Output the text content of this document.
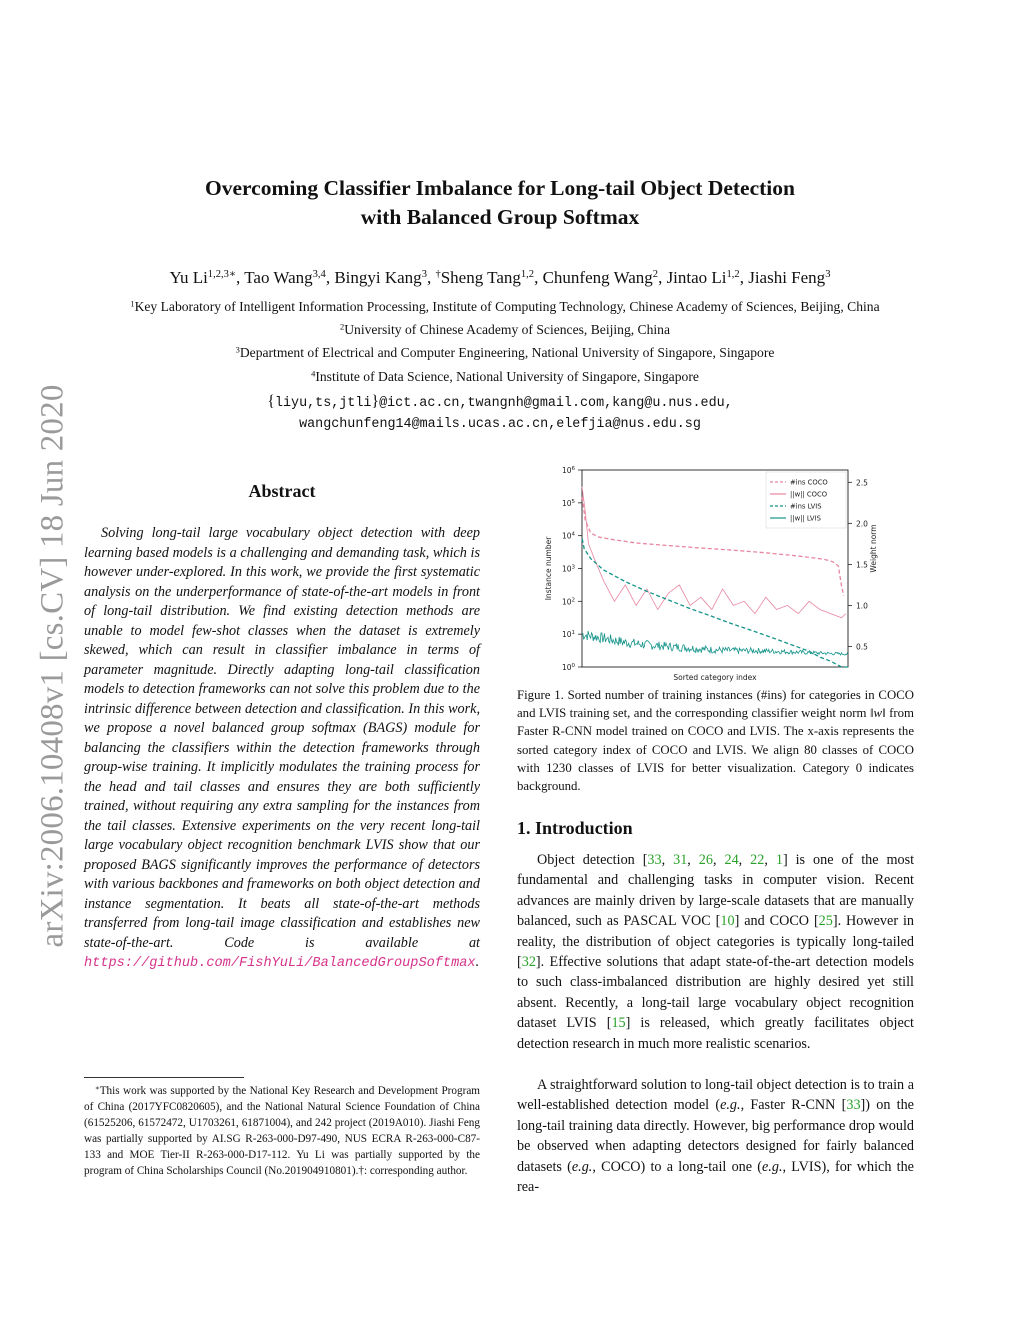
arXiv:2006.10408v1 [cs.CV] 18 Jun 2020
Overcoming Classifier Imbalance for Long-tail Object Detection
with Balanced Group Softmax
Yu $Li^{1,2,3∗}$, Tao Wang$^{3,4}$, Bingyi Kang$^3$, †Sheng Tang$^{1,2}$, Chunfeng Wang$^2$, Jintao Li$^{1,2}$, Jiashi Feng$^3$
$^1$Key Laboratory of Intelligent Information Processing, Institute of Computing Technology, Chinese Academy of Sciences, Beijing, China
$^2$University of Chinese Academy of Sciences, Beijing, China
$^3$Department of Electrical and Computer Engineering, National University of Singapore, Singapore
$^4$Institute of Data Science, National University of Singapore, Singapore
{liyu,ts,jtli}@ict.ac.cn,twangnh@gmail.com,kang@u.nus.edu,
wangchunfeng14@mails.ucas.ac.cn,elefjia@nus.edu.sg
Abstract
Solving long-tail large vocabulary object detection with deep learning based models is a challenging and demanding task, which is however under-explored. In this work, we provide the first systematic analysis on the underperformance of state-of-the-art models in front of long-tail distribution. We find existing detection methods are unable to model few-shot classes when the dataset is extremely skewed, which can result in classifier imbalance in terms of parameter magnitude. Directly adapting long-tail classification models to detection frameworks can not solve this problem due to the intrinsic difference between detection and classification. In this work, we propose a novel balanced group softmax (BAGS) module for balancing the classifiers within the detection frameworks through group-wise training. It implicitly modulates the training process for the head and tail classes and ensures they are both sufficiently trained, without requiring any extra sampling for the instances from the tail classes. Extensive experiments on the very recent long-tail large vocabulary object recognition benchmark LVIS show that our proposed BAGS significantly improves the performance of detectors with various backbones and frameworks on both object detection and instance segmentation. It beats all state-of-the-art methods transferred from long-tail image classification and establishes new state-of-the-art. Code is available at https://github.com/FishYuLi/BalancedGroupSoftmax.
∗This work was supported by the National Key Research and Development Program of China (2017YFC0820605), and the National Natural Science Foundation of China (61525206, 61572472, U1703261, 61871004), and 242 project (2019A010). Jiashi Feng was partially supported by AI.SG R-263-000-D97-490, NUS ECRA R-263-000-C87-133 and MOE Tier-II R-263-000-D17-112. Yu Li was partially supported by the program of China Scholarships Council (No.201904910801).†: corresponding author.
$10^0$
$10^1$
$10^2$
$10^3$
$10^4$
$10^5$
$10^6$
0.5
1.0
1.5
2.0
2.5
Sorted category index
Instance number	Weight norm
#ins COCO
||w|| COCO
#ins LVIS
||w|| LVIS
Figure 1. Sorted number of training instances (#ins) for categories in COCO and LVIS training set, and the corresponding classifier weight norm ‖w‖ from Faster R-CNN model trained on COCO and LVIS. The x-axis represents the sorted category index of COCO and LVIS. We align 80 classes of COCO with 1230 classes of LVIS for better visualization. Category 0 indicates background.
1. Introduction
Object detection [33, 31, 26, 24, 22, 1] is one of the most fundamental and challenging tasks in computer vision. Recent advances are mainly driven by large-scale datasets that are manually balanced, such as PASCAL VOC [10] and COCO [25]. However in reality, the distribution of object categories is typically long-tailed [32]. Effective solutions that adapt state-of-the-art detection models to such class-imbalanced distribution are highly desired yet still absent. Recently, a long-tail large vocabulary object recognition dataset LVIS [15] is released, which greatly facilitates object detection research in much more realistic scenarios.
A straightforward solution to long-tail object detection is to train a well-established detection model (e.g., Faster R-CNN [33]) on the long-tail training data directly. However, big performance drop would be observed when adapting detectors designed for fairly balanced datasets (e.g., COCO) to a long-tail one (e.g., LVIS), for which the rea-
